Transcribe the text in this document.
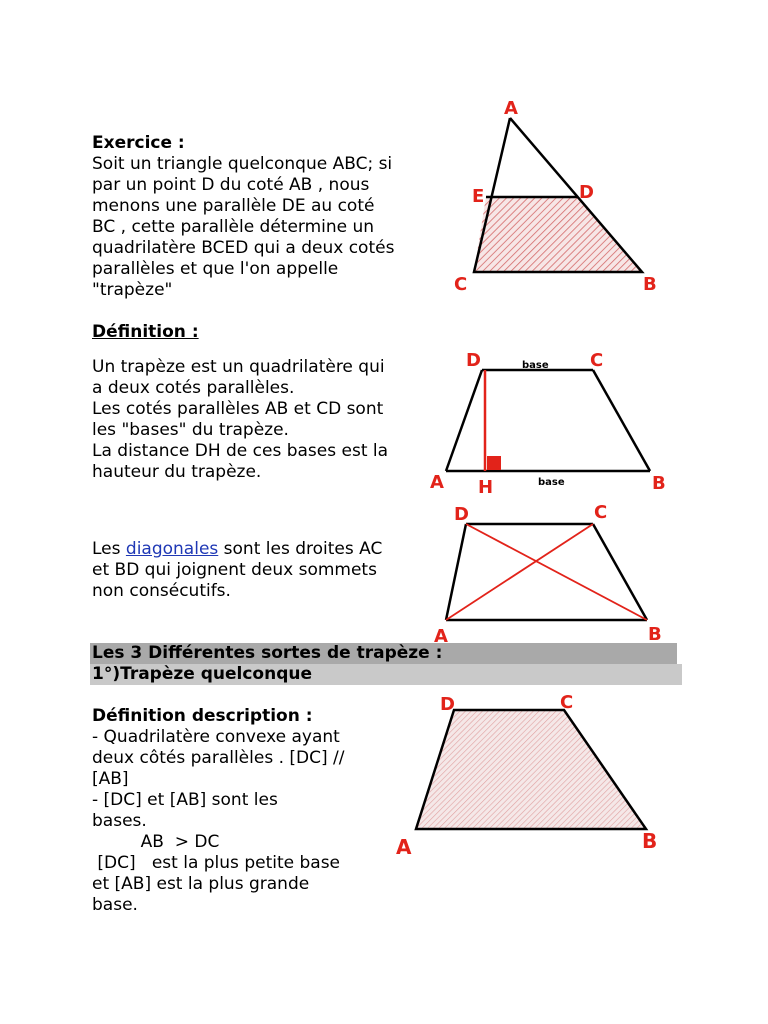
Exercice :
Soit un triangle quelconque ABC; si
par un point D du coté AB , nous
menons une parallèle DE au coté
BC , cette parallèle détermine un
quadrilatère BCED qui a deux cotés
parallèles et que l'on appelle
"trapèze"
Définition :
Un trapèze est un quadrilatère qui
a deux cotés parallèles.
Les cotés parallèles AB et CD sont
les "bases" du trapèze.
La distance DH de ces bases est la
hauteur du trapèze.
Les diagonales sont les droites AC
et BD qui joignent deux sommets
non consécutifs.
Les 3 Différentes sortes de trapèze :
1°)Trapèze quelconque
Définition description :
- Quadrilatère convexe ayant
deux côtés parallèles . [DC] //
[AB]
- [DC] et [AB] sont les
bases.
AB  > DC
[DC]   est la plus petite base
et [AB] est la plus grande
base.
A
E	D
C	B
D	C
base
A H	base	B
D	C
A	B
D	C
A	B
